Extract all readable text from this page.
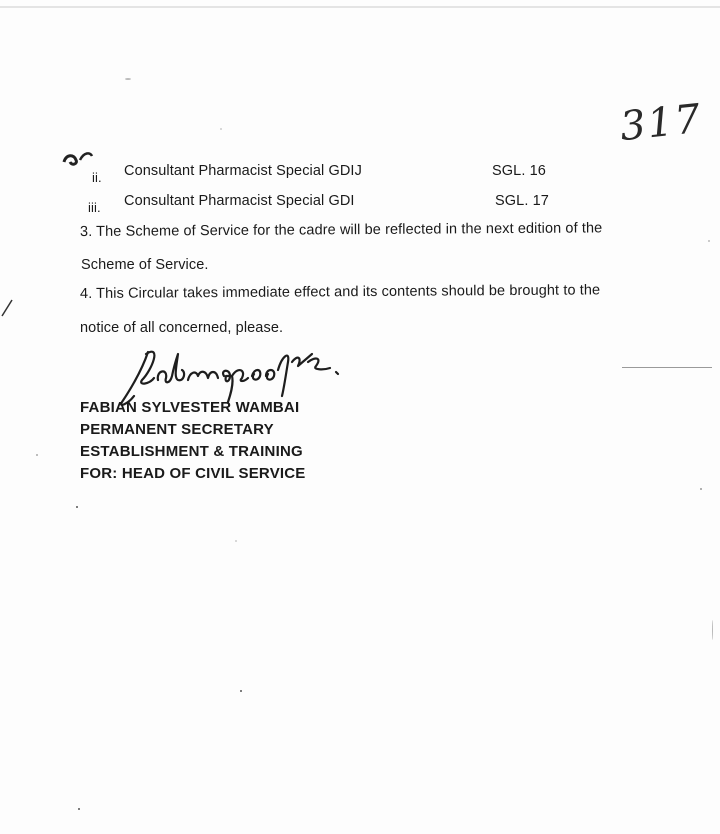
317
ii. Consultant Pharmacist Special GDIJ	SGL. 16
iii. Consultant Pharmacist Special GDI	SGL. 17
3. The Scheme of Service for the cadre will be reflected in the next edition of the
Scheme of Service.
4. This Circular takes immediate effect and its contents should be brought to the
notice of all concerned, please.
FABIAN SYLVESTER WAMBAI
PERMANENT SECRETARY
ESTABLISHMENT & TRAINING
FOR: HEAD OF CIVIL SERVICE
